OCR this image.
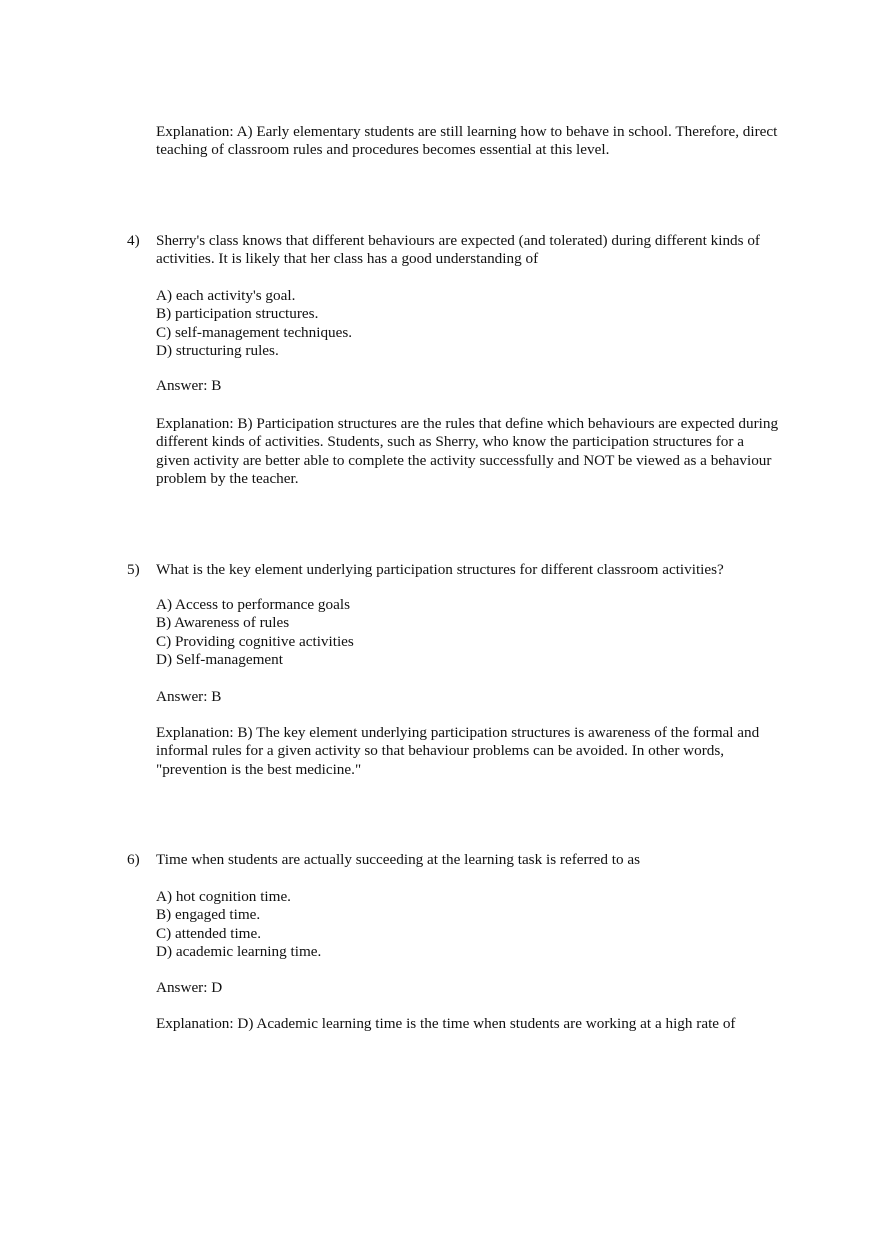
Explanation: A) Early elementary students are still learning how to behave in school. Therefore, direct teaching of classroom rules and procedures becomes essential at this level.

4) Sherry's class knows that different behaviours are expected (and tolerated) during different kinds of activities. It is likely that her class has a good understanding of

A) each activity's goal.
B) participation structures.
C) self-management techniques.
D) structuring rules.

Answer: B

Explanation: B) Participation structures are the rules that define which behaviours are expected during different kinds of activities. Students, such as Sherry, who know the participation structures for a given activity are better able to complete the activity successfully and NOT be viewed as a behaviour problem by the teacher.

5) What is the key element underlying participation structures for different classroom activities?

A) Access to performance goals
B) Awareness of rules
C) Providing cognitive activities
D) Self-management

Answer: B

Explanation: B) The key element underlying participation structures is awareness of the formal and informal rules for a given activity so that behaviour problems can be avoided. In other words, "prevention is the best medicine."

6) Time when students are actually succeeding at the learning task is referred to as

A) hot cognition time.
B) engaged time.
C) attended time.
D) academic learning time.

Answer: D

Explanation: D) Academic learning time is the time when students are working at a high rate of
